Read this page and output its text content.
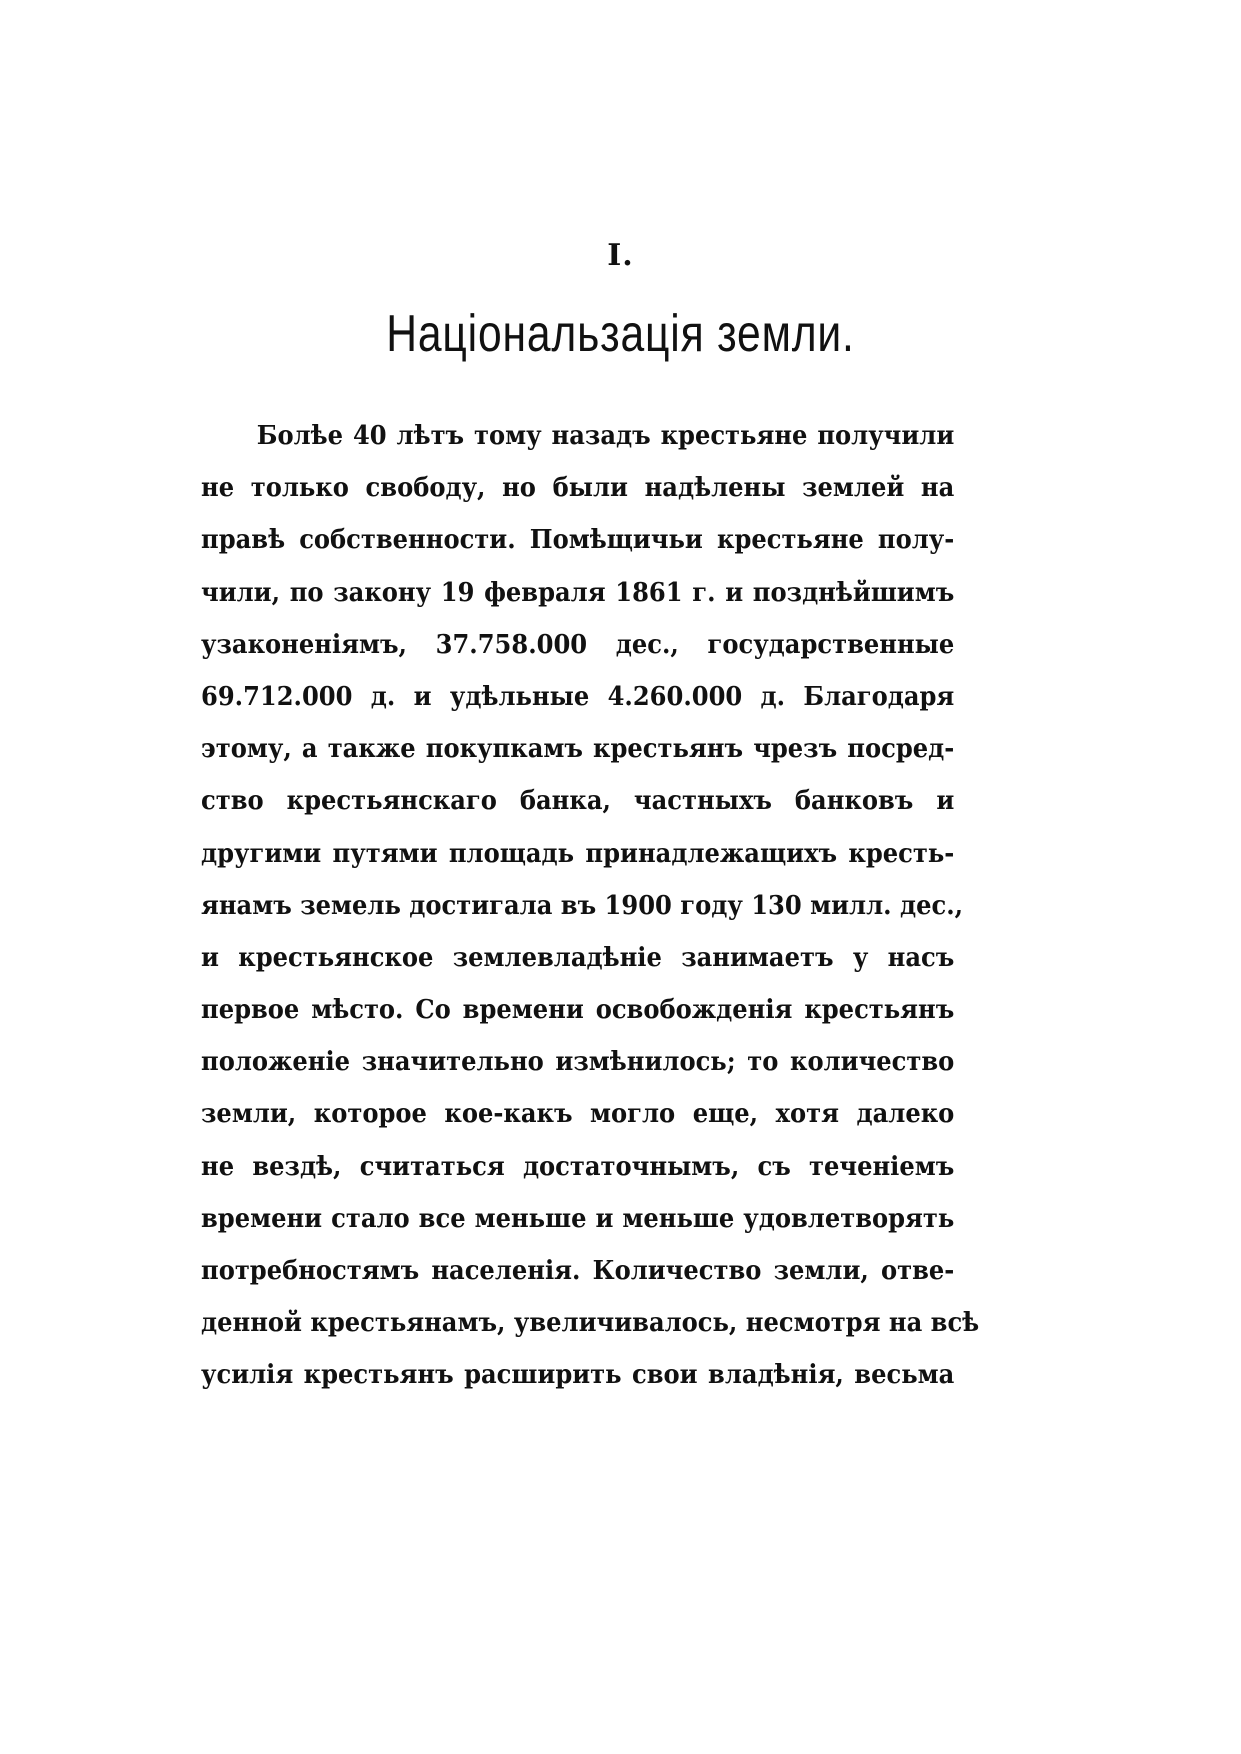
I.
Національзація земли.
Болѣе 40 лѣтъ тому назадъ крестьяне получили
не только свободу, но были надѣлены землей на
правѣ собственности. Помѣщичьи крестьяне полу-
чили, по закону 19 февраля 1861 г. и позднѣйшимъ
узаконеніямъ, 37.758.000 дес., государственные
69.712.000 д. и удѣльные 4.260.000 д. Благодаря
этому, а также покупкамъ крестьянъ чрезъ посред-
ство крестьянскаго банка, частныхъ банковъ и
другими путями площадь принадлежащихъ кресть-
янамъ земель достигала въ 1900 году 130 милл. дес.,
и крестьянское землевладѣніе занимаетъ у насъ
первое мѣсто. Со времени освобожденія крестьянъ
положеніе значительно измѣнилось; то количество
земли, которое кое-какъ могло еще, хотя далеко
не вездѣ, считаться достаточнымъ, съ теченіемъ
времени стало все меньше и меньше удовлетворять
потребностямъ населенія. Количество земли, отве-
денной крестьянамъ, увеличивалось, несмотря на всѣ
усилія крестьянъ расширить свои владѣнія, весьма
